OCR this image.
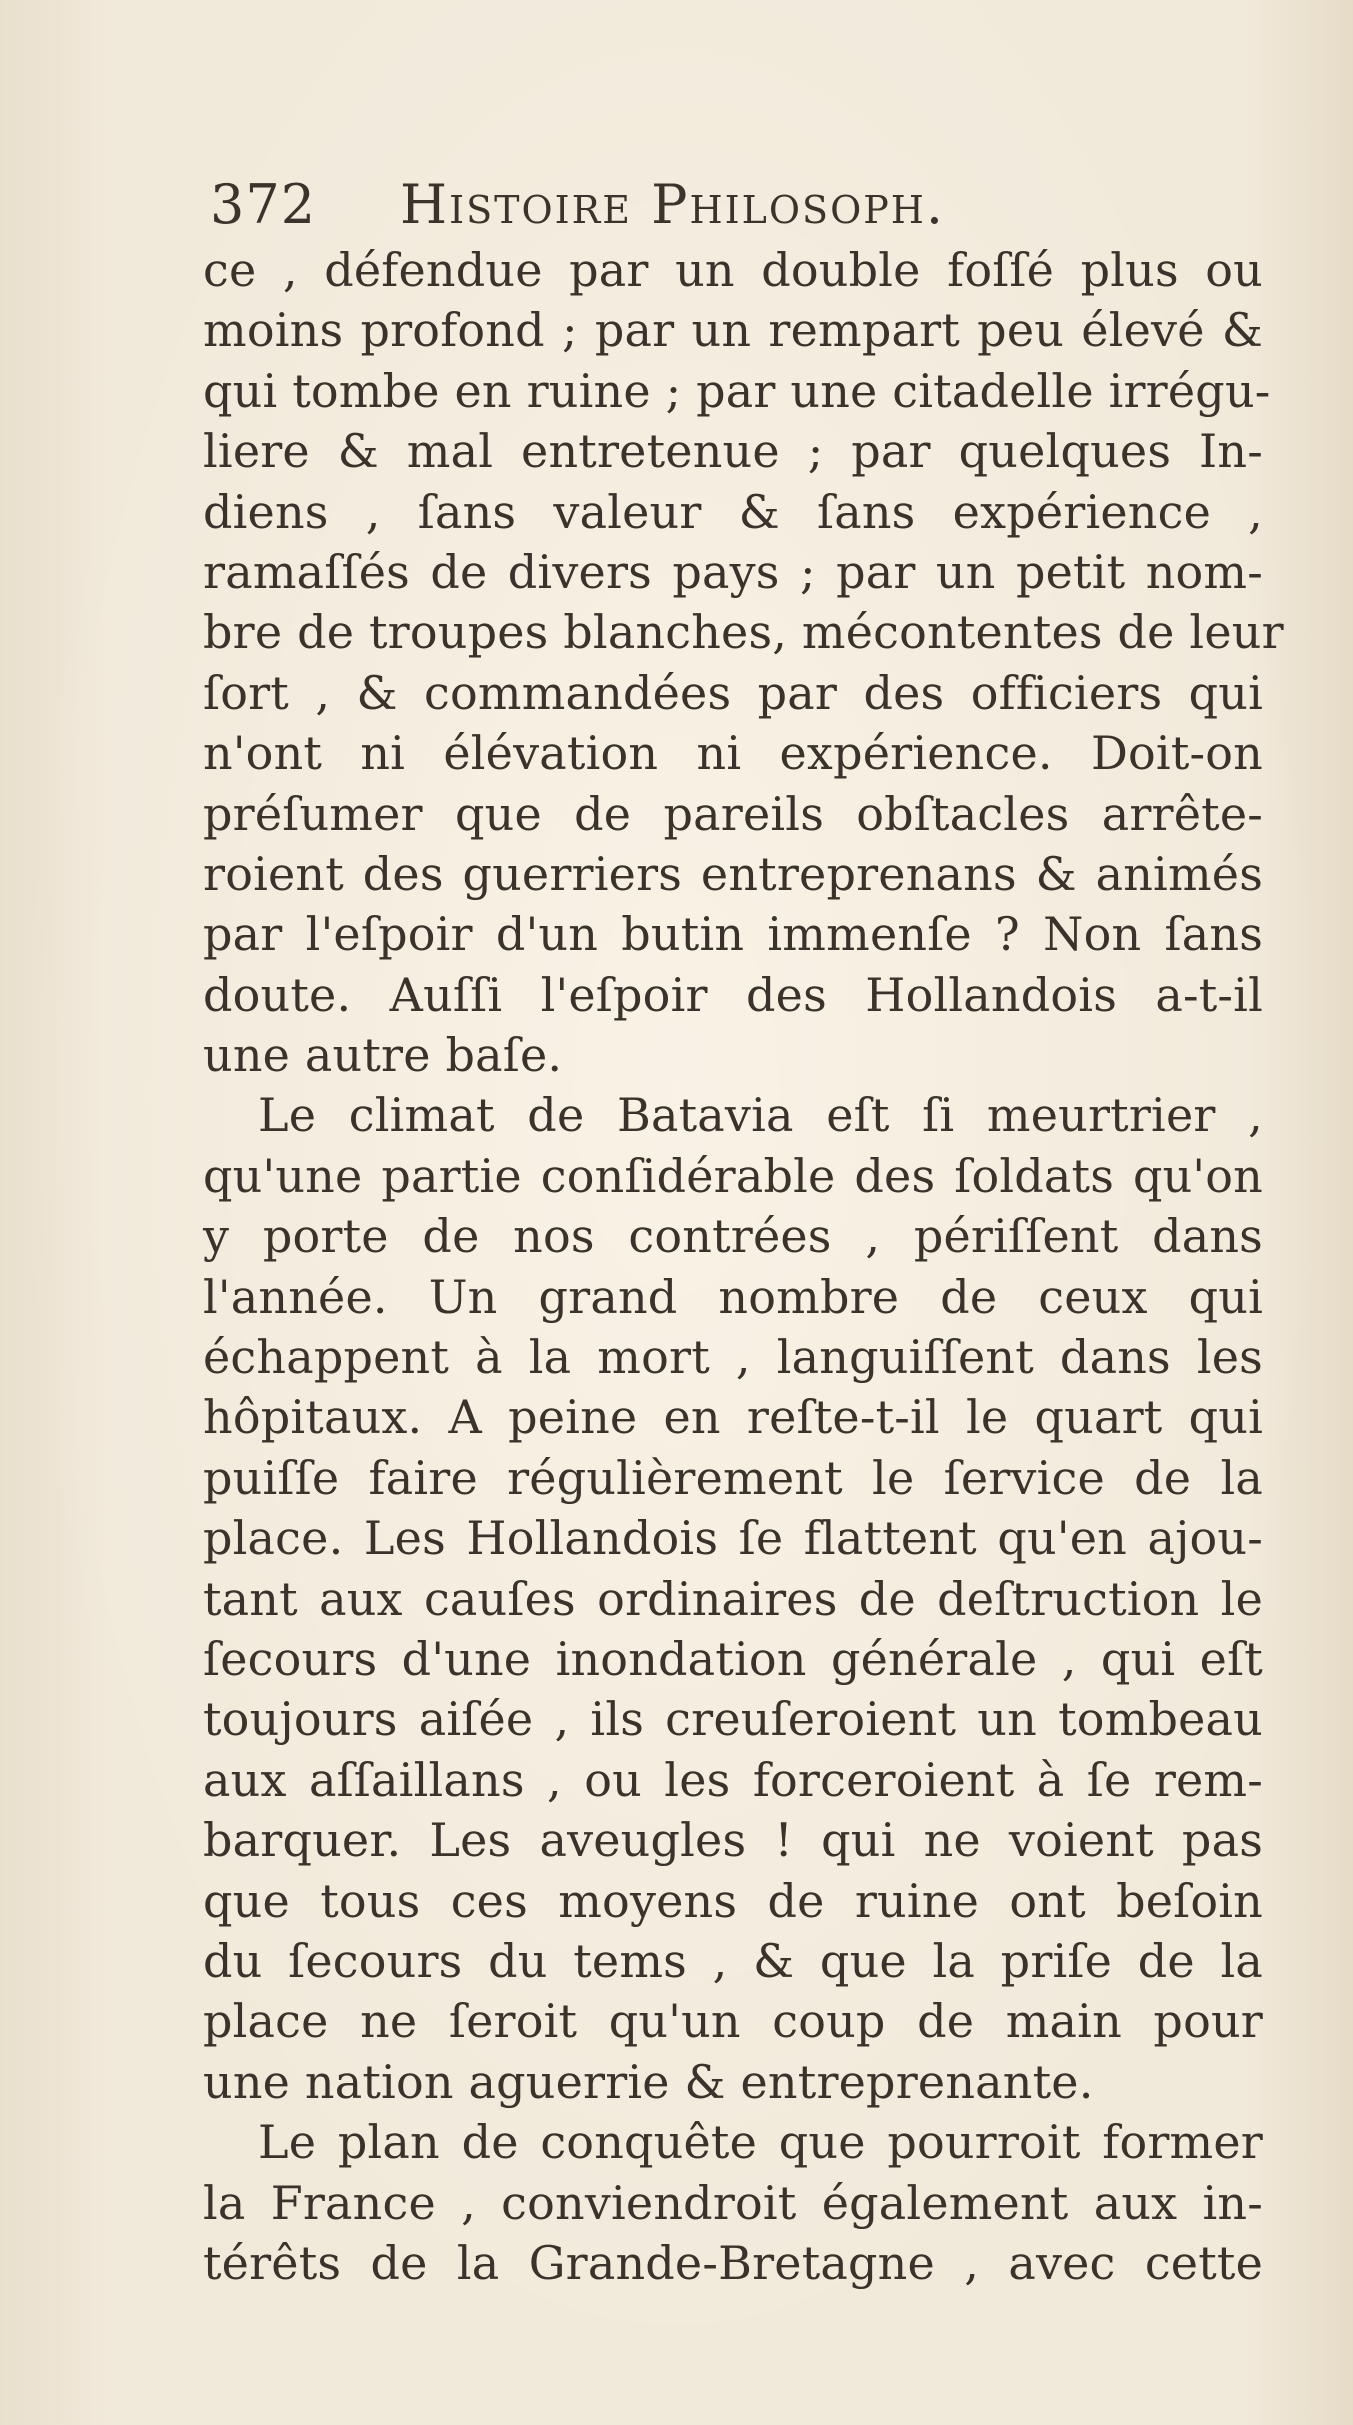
372 Histoire Philosoph.
ce , défendue par un double foſſé plus ou
moins profond ; par un rempart peu élevé &
qui tombe en ruine ; par une citadelle irrégu-
liere & mal entretenue ; par quelques In-
diens , ſans valeur & ſans expérience ,
ramaſſés de divers pays ; par un petit nom-
bre de troupes blanches, mécontentes de leur
ſort , & commandées par des officiers qui
n'ont ni élévation ni expérience. Doit-on
préſumer que de pareils obſtacles arrête-
roient des guerriers entreprenans & animés
par l'eſpoir d'un butin immenſe ? Non ſans
doute. Auſſi l'eſpoir des Hollandois a-t-il
une autre baſe.
Le climat de Batavia eſt ſi meurtrier ,
qu'une partie conſidérable des ſoldats qu'on
y porte de nos contrées , périſſent dans
l'année. Un grand nombre de ceux qui
échappent à la mort , languiſſent dans les
hôpitaux. A peine en reſte-t-il le quart qui
puiſſe faire régulièrement le ſervice de la
place. Les Hollandois ſe flattent qu'en ajou-
tant aux cauſes ordinaires de deſtruction le
ſecours d'une inondation générale , qui eſt
toujours aiſée , ils creuſeroient un tombeau
aux aſſaillans , ou les forceroient à ſe rem-
barquer. Les aveugles ! qui ne voient pas
que tous ces moyens de ruine ont beſoin
du ſecours du tems , & que la priſe de la
place ne ſeroit qu'un coup de main pour
une nation aguerrie & entreprenante.
Le plan de conquête que pourroit former
la France , conviendroit également aux in-
térêts de la Grande-Bretagne , avec cette
